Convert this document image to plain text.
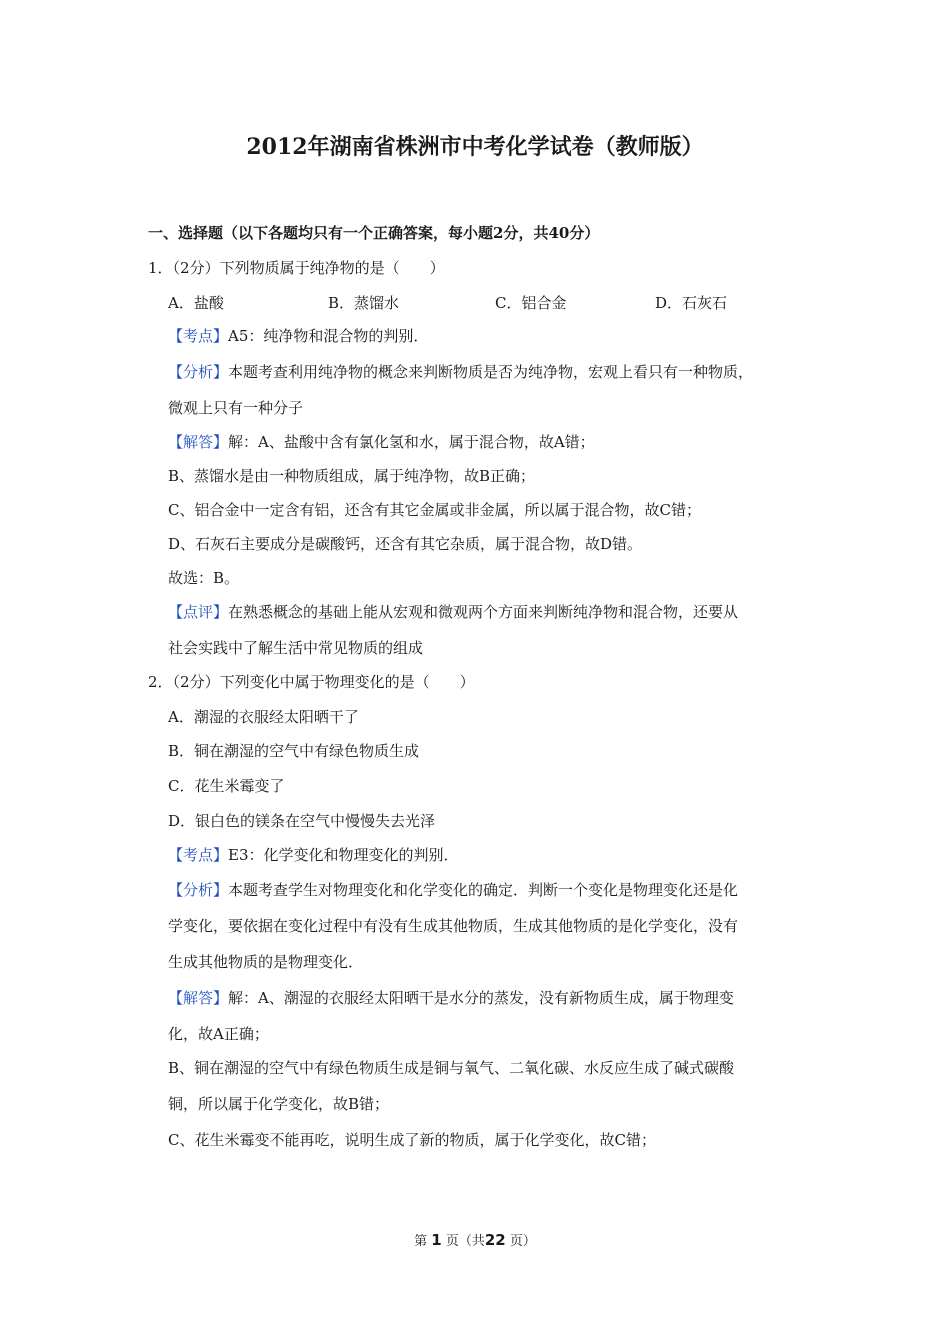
2012年湖南省株洲市中考化学试卷（教师版）
一、选择题（以下各题均只有一个正确答案，每小题2分，共40分）
1．（2分）下列物质属于纯净物的是（　　）
A．盐酸	B．蒸馏水	C．铝合金	D．石灰石
【考点】A5：纯净物和混合物的判别．
【分析】本题考查利用纯净物的概念来判断物质是否为纯净物，宏观上看只有一种物质，
微观上只有一种分子
【解答】解：A、盐酸中含有氯化氢和水，属于混合物，故A错；
B、蒸馏水是由一种物质组成，属于纯净物，故B正确；
C、铝合金中一定含有铝，还含有其它金属或非金属，所以属于混合物，故C错；
D、石灰石主要成分是碳酸钙，还含有其它杂质，属于混合物，故D错。
故选：B。
【点评】在熟悉概念的基础上能从宏观和微观两个方面来判断纯净物和混合物，还要从
社会实践中了解生活中常见物质的组成
2．（2分）下列变化中属于物理变化的是（　　）
A．潮湿的衣服经太阳晒干了
B．铜在潮湿的空气中有绿色物质生成
C．花生米霉变了
D．银白色的镁条在空气中慢慢失去光泽
【考点】E3：化学变化和物理变化的判别．
【分析】本题考查学生对物理变化和化学变化的确定．判断一个变化是物理变化还是化
学变化，要依据在变化过程中有没有生成其他物质，生成其他物质的是化学变化，没有
生成其他物质的是物理变化．
【解答】解：A、潮湿的衣服经太阳晒干是水分的蒸发，没有新物质生成，属于物理变
化，故A正确；
B、铜在潮湿的空气中有绿色物质生成是铜与氧气、二氧化碳、水反应生成了碱式碳酸
铜，所以属于化学变化，故B错；
C、花生米霉变不能再吃，说明生成了新的物质，属于化学变化，故C错；
第 1 页（共22 页）
